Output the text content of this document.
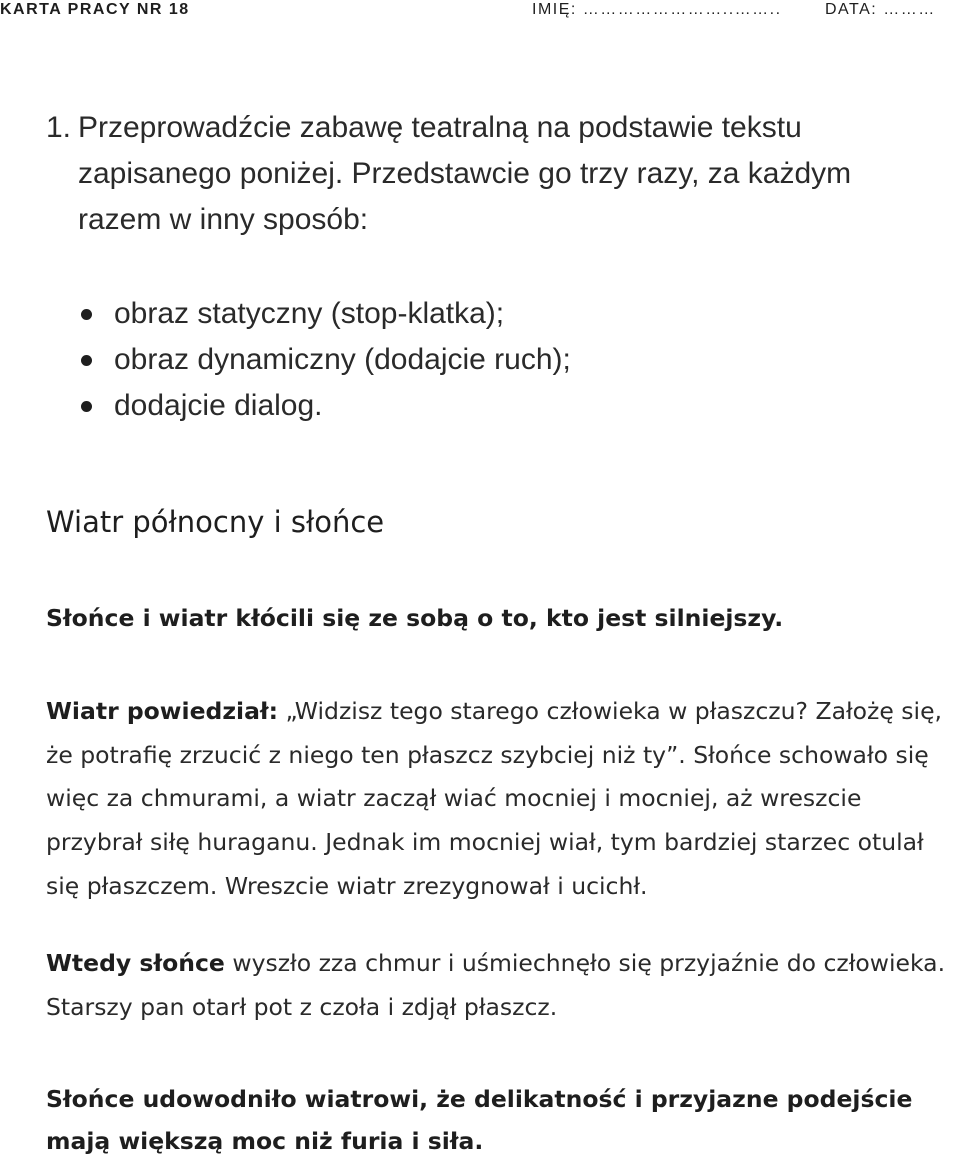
KARTA PRACY NR 18	IMIĘ: ……………………..……..	DATA: ………
1. Przeprowadźcie zabawę teatralną na podstawie tekstu zapisanego poniżej. Przedstawcie go trzy razy, za każdym razem w inny sposób:
obraz statyczny (stop-klatka);
obraz dynamiczny (dodajcie ruch);
dodajcie dialog.
Wiatr północny i słońce
Słońce i wiatr kłócili się ze sobą o to, kto jest silniejszy.
Wiatr powiedział: „Widzisz tego starego człowieka w płaszczu? Założę się, że potrafię zrzucić z niego ten płaszcz szybciej niż ty”. Słońce schowało się więc za chmurami, a wiatr zaczął wiać mocniej i mocniej, aż wreszcie przybrał siłę huraganu. Jednak im mocniej wiał, tym bardziej starzec otulał się płaszczem. Wreszcie wiatr zrezygnował i ucichł.
Wtedy słońce wyszło zza chmur i uśmiechnęło się przyjaźnie do człowieka. Starszy pan otarł pot z czoła i zdjął płaszcz.
Słońce udowodniło wiatrowi, że delikatność i przyjazne podejście mają większą moc niż furia i siła.
